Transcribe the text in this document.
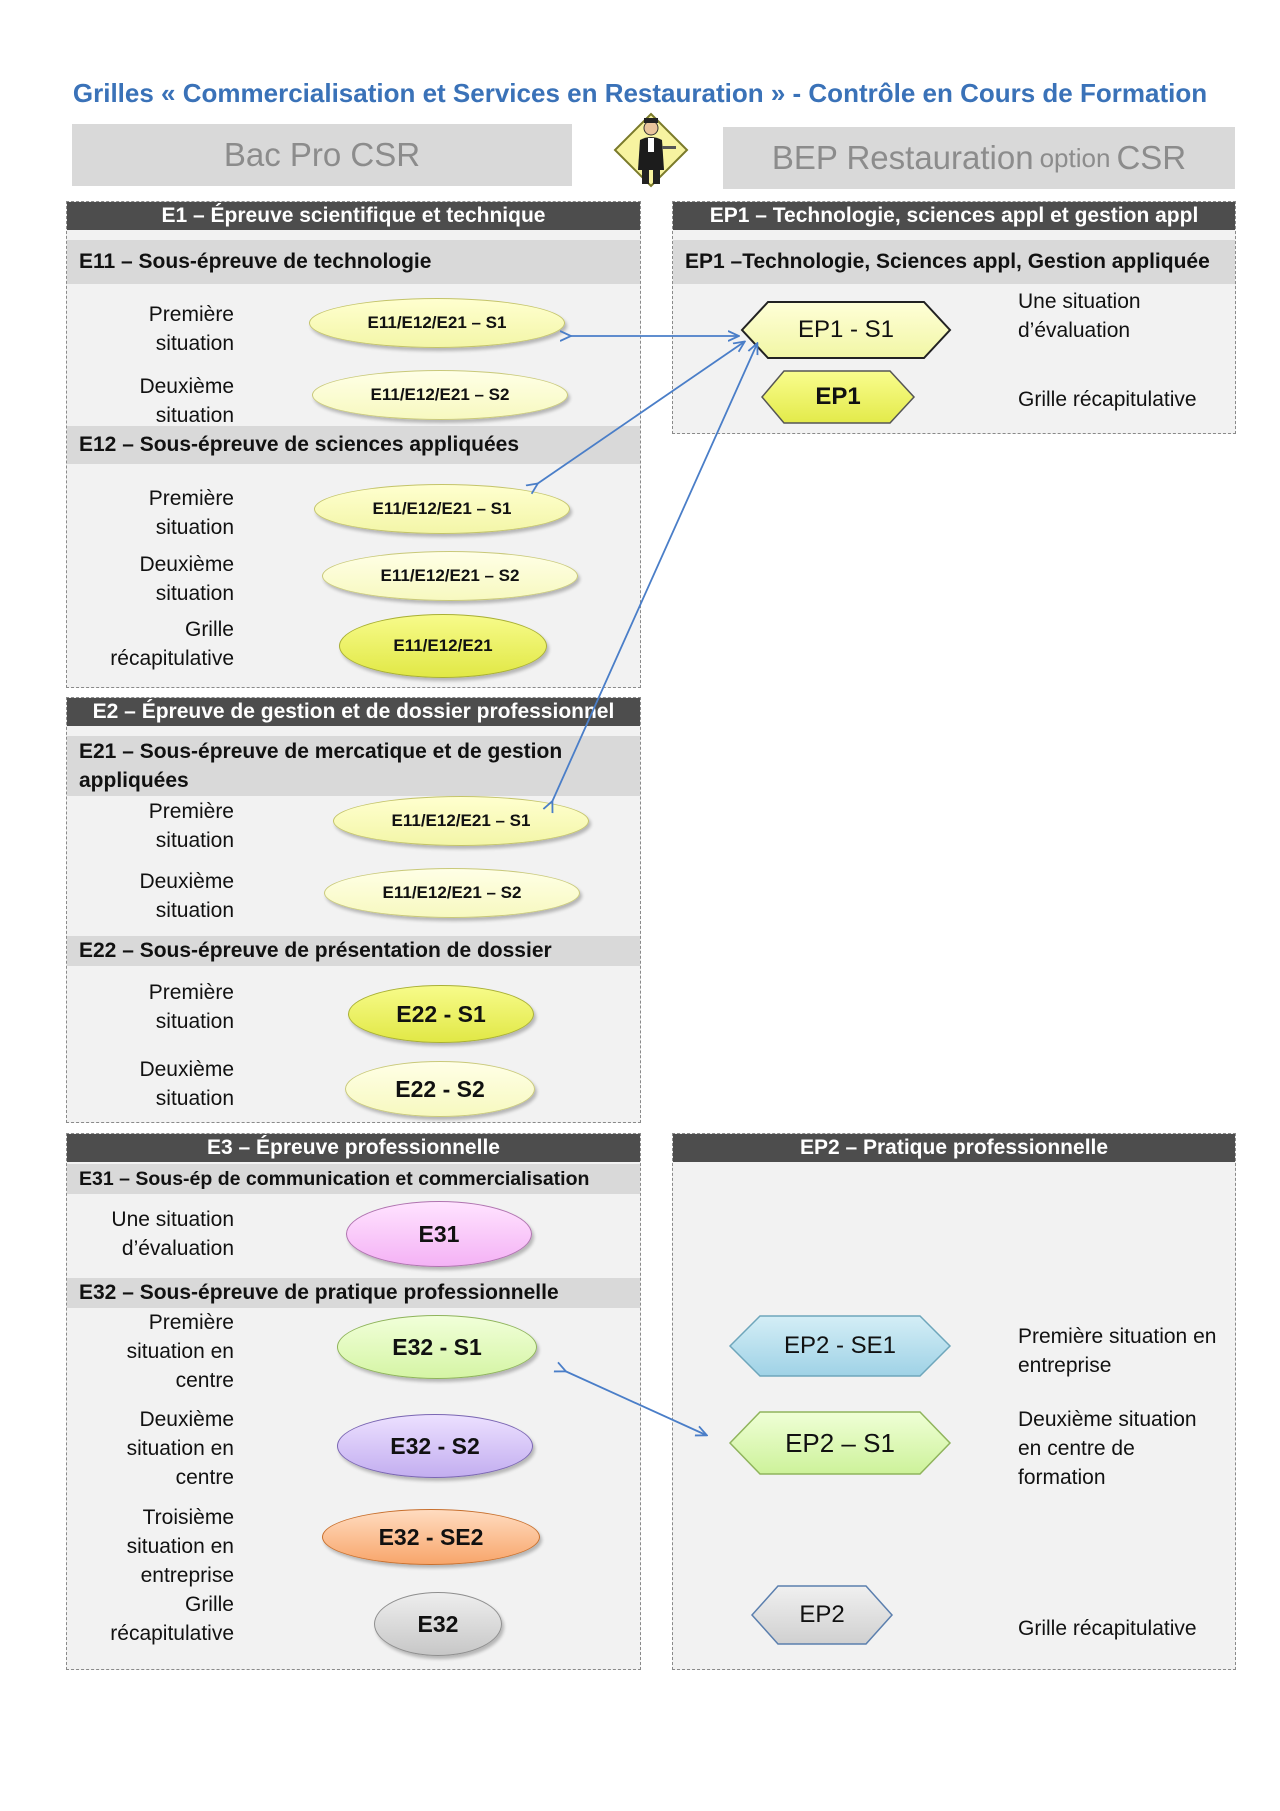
Grilles « Commercialisation et Services en Restauration » - Contrôle en Cours de Formation
Bac Pro CSR	BEP Restauration option CSR
E1 – Épreuve scientifique et technique
E11 – Sous-épreuve de technologie
E12 – Sous-épreuve de sciences appliquées
Première
situation
E11/E12/E21 – S1
Deuxième
situation
E11/E12/E21 – S2
Première
situation
E11/E12/E21 – S1
Deuxième
situation
E11/E12/E21 – S2
Grille
récapitulative
E11/E12/E21
E2 – Épreuve de gestion et de dossier professionnel
E21 – Sous-épreuve de mercatique et de gestion appliquées
Première
situation
E11/E12/E21 – S1
Deuxième
situation
E11/E12/E21 – S2
E22 – Sous-épreuve de présentation de dossier
Première
situation	E22 - S1
Deuxième
situation	E22 - S2
E3 – Épreuve professionnelle
E31 – Sous-ép de communication et commercialisation
Une situation
d’évaluation
E31
E32 – Sous-épreuve de pratique professionnelle
Première
situation en
centre
E32 - S1
Deuxième
situation en
centre
E32 - S2
Troisième
situation en
entreprise
E32 - SE2
Grille
récapitulative	E32
EP1 – Technologie, sciences appl et gestion appl
EP1 –Technologie, Sciences appl, Gestion appliquée
EP1 - S1
Une situation
d’évaluation
EP1	Grille récapitulative
EP2 – Pratique professionnelle
EP2 - SE1	Première situation en
entreprise
EP2 – S1
Deuxième situation
en centre de
formation
EP2
Grille récapitulative
